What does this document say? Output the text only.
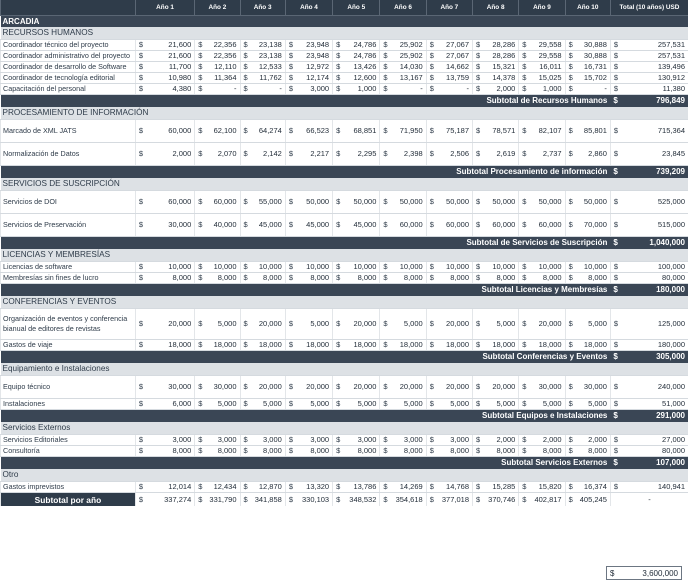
	Año 1	Año 2	Año 3	Año 4	Año 5	Año 6	Año 7	Año 8	Año 9	Año 10	Total (10 años) USD
ARCADIA											
RECURSOS HUMANOS											
Coordinador técnico del proyecto	$ 21,600	$ 22,356	$ 23,138	$ 23,948	$ 24,786	$ 25,902	$ 27,067	$ 28,286	$ 29,558	$ 30,888	$ 257,531

Coordinador administrativo del proyecto	$ 21,600	$ 22,356	$ 23,138	$ 23,948	$ 24,786	$ 25,902	$ 27,067	$ 28,286	$ 29,558	$ 30,888	$ 257,531

Coordinador de desarrollo de Software	$ 11,700	$ 12,110	$ 12,533	$ 12,972	$ 13,426	$ 14,030	$ 14,662	$ 15,321	$ 16,011	$ 16,731	$ 139,496

Coordinador de tecnología editorial	$ 10,980	$ 11,364	$ 11,762	$ 12,174	$ 12,600	$ 13,167	$ 13,759	$ 14,378	$ 15,025	$ 15,702	$ 130,912

Capacitación del personal	$ 4,380	$ -	$ -	$ 3,000	$ 1,000	$ -	$ -	$ 2,000	$ 1,000	$ -	$ 11,380

Subtotal de Recursos Humanos											$ 796,849

PROCESAMIENTO DE INFORMACIÓN											
Marcado de XML JATS	$ 60,000	$ 62,100	$ 64,274	$ 66,523	$ 68,851	$ 71,950	$ 75,187	$ 78,571	$ 82,107	$ 85,801	$ 715,364

Normalización de Datos	$ 2,000	$ 2,070	$ 2,142	$ 2,217	$ 2,295	$ 2,398	$ 2,506	$ 2,619	$ 2,737	$ 2,860	$ 23,845

Subtotal Procesamiento de información											$ 739,209

SERVICIOS DE SUSCRIPCIÓN											
Servicios de DOI	$ 60,000	$ 60,000	$ 55,000	$ 50,000	$ 50,000	$ 50,000	$ 50,000	$ 50,000	$ 50,000	$ 50,000	$ 525,000

Servicios de Preservación	$ 30,000	$ 40,000	$ 45,000	$ 45,000	$ 45,000	$ 60,000	$ 60,000	$ 60,000	$ 60,000	$ 70,000	$ 515,000

Subtotal de Servicios de Suscripción											$ 1,040,000

LICENCIAS Y MEMBRESÍAS											
Licencias de software	$ 10,000	$ 10,000	$ 10,000	$ 10,000	$ 10,000	$ 10,000	$ 10,000	$ 10,000	$ 10,000	$ 10,000	$ 100,000

Membresías sin fines de lucro	$ 8,000	$ 8,000	$ 8,000	$ 8,000	$ 8,000	$ 8,000	$ 8,000	$ 8,000	$ 8,000	$ 8,000	$ 80,000

Subtotal Licencias y Membresías											$ 180,000

CONFERENCIAS Y EVENTOS											
Organización de eventos y conferencia bianual de editores de revistas	$ 20,000	$ 5,000	$ 20,000	$ 5,000	$ 20,000	$ 5,000	$ 20,000	$ 5,000	$ 20,000	$ 5,000	$ 125,000

Gastos de viaje	$ 18,000	$ 18,000	$ 18,000	$ 18,000	$ 18,000	$ 18,000	$ 18,000	$ 18,000	$ 18,000	$ 18,000	$ 180,000

Subtotal Conferencias y Eventos											$ 305,000

Equipamiento e Instalaciones											
Equipo técnico	$ 30,000	$ 30,000	$ 20,000	$ 20,000	$ 20,000	$ 20,000	$ 20,000	$ 20,000	$ 30,000	$ 30,000	$ 240,000

Instalaciones	$ 6,000	$ 5,000	$ 5,000	$ 5,000	$ 5,000	$ 5,000	$ 5,000	$ 5,000	$ 5,000	$ 5,000	$ 51,000

Subtotal Equipos e Instalaciones											$ 291,000

Servicios Externos											
Servicios Editoriales	$ 3,000	$ 3,000	$ 3,000	$ 3,000	$ 3,000	$ 3,000	$ 3,000	$ 2,000	$ 2,000	$ 2,000	$ 27,000

Consultoría	$ 8,000	$ 8,000	$ 8,000	$ 8,000	$ 8,000	$ 8,000	$ 8,000	$ 8,000	$ 8,000	$ 8,000	$ 80,000

Subtotal Servicios Externos											$ 107,000

Otro											
Gastos imprevistos	$ 12,014	$ 12,434	$ 12,870	$ 13,320	$ 13,786	$ 14,269	$ 14,768	$ 15,285	$ 15,820	$ 16,374	$ 140,941

Subtotal por año	$ 337,274	$ 331,790	$ 341,858	$ 330,103	$ 348,532	$ 354,618	$ 377,018	$ 370,746	$ 402,817	$ 405,245	-
$	3,600,000
